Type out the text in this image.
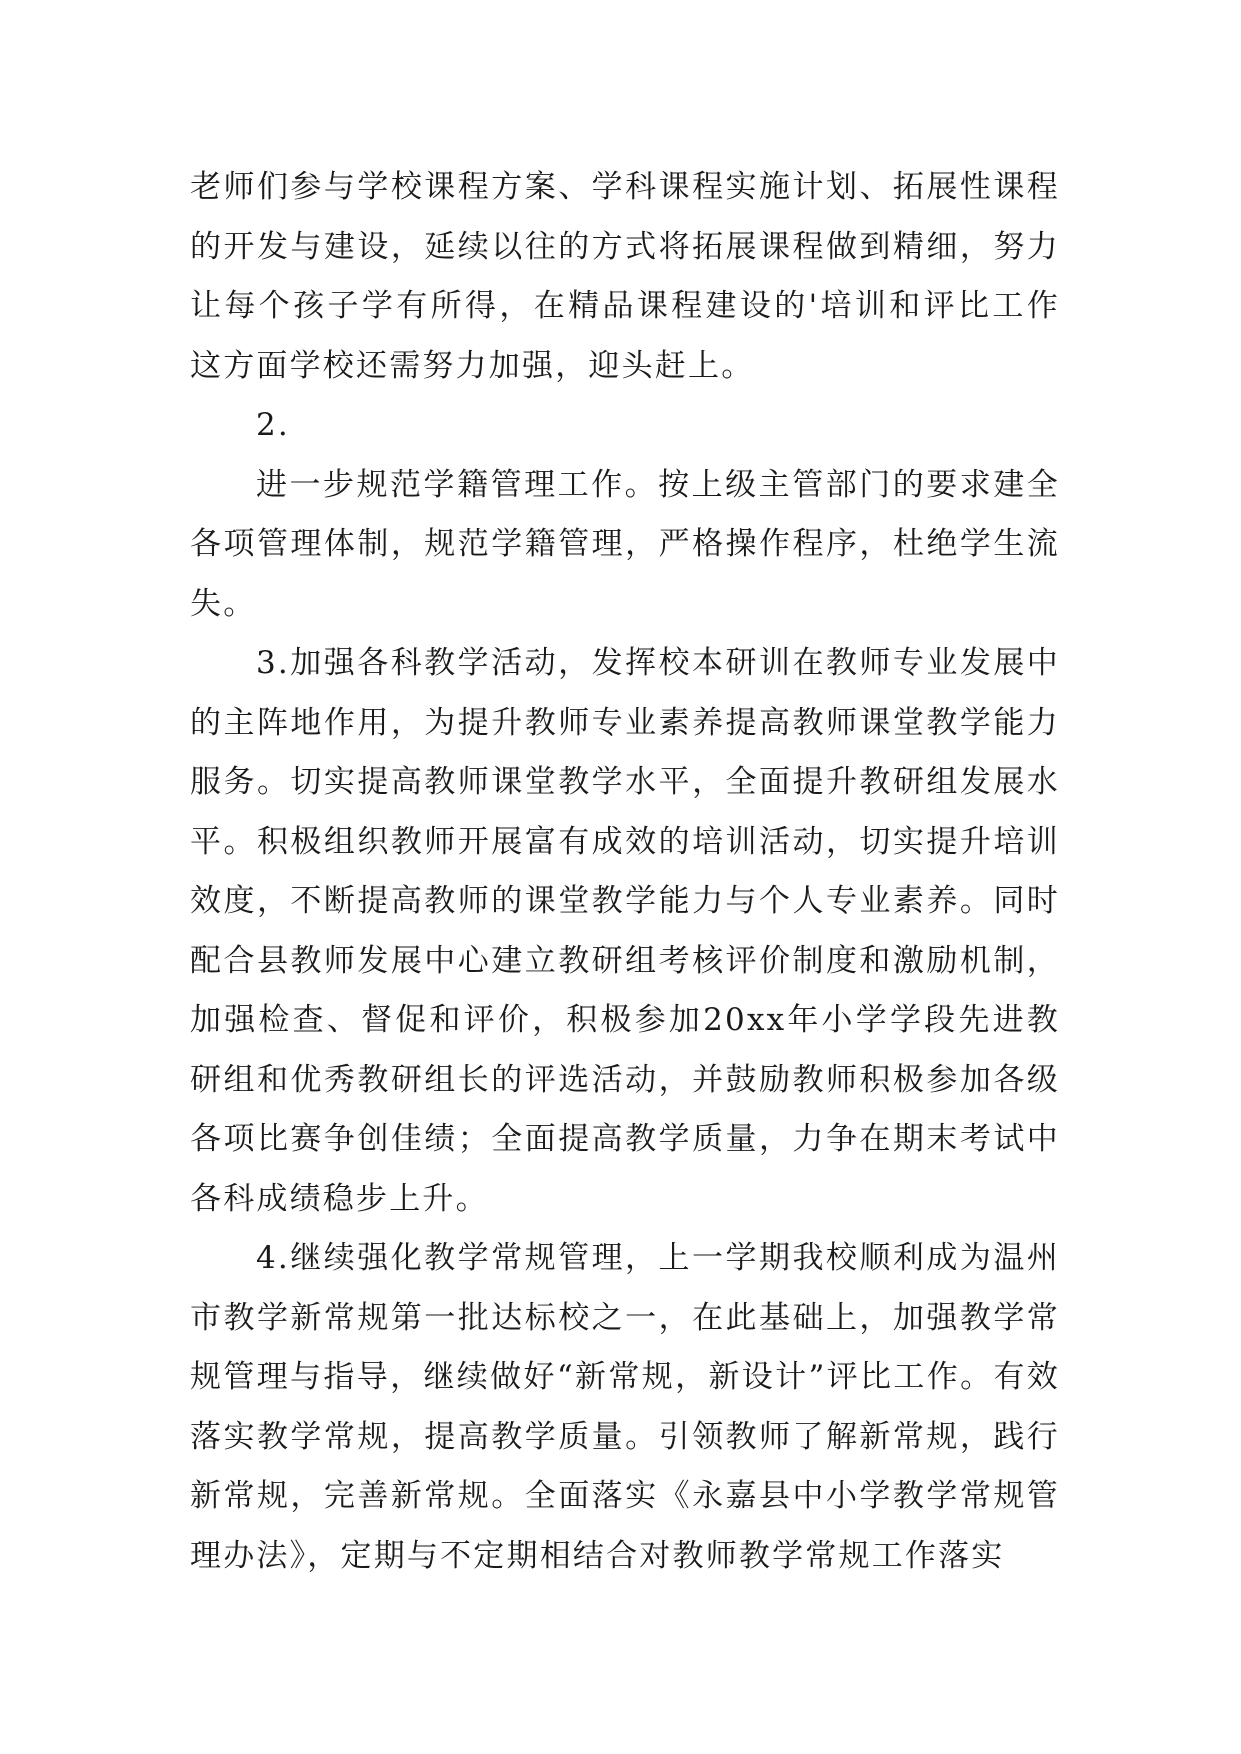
老师们参与学校课程方案、学科课程实施计划、拓展性课程的开发与建设，延续以往的方式将拓展课程做到精细，努力让每个孩子学有所得，在精品课程建设的'培训和评比工作这方面学校还需努力加强，迎头赶上。

2.

进一步规范学籍管理工作。按上级主管部门的要求建全各项管理体制，规范学籍管理，严格操作程序，杜绝学生流失。

3.加强各科教学活动，发挥校本研训在教师专业发展中的主阵地作用，为提升教师专业素养提高教师课堂教学能力服务。切实提高教师课堂教学水平，全面提升教研组发展水平。积极组织教师开展富有成效的培训活动，切实提升培训效度，不断提高教师的课堂教学能力与个人专业素养。同时配合县教师发展中心建立教研组考核评价制度和激励机制，加强检查、督促和评价，积极参加20xx年小学学段先进教研组和优秀教研组长的评选活动，并鼓励教师积极参加各级各项比赛争创佳绩；全面提高教学质量，力争在期末考试中各科成绩稳步上升。

4.继续强化教学常规管理，上一学期我校顺利成为温州市教学新常规第一批达标校之一，在此基础上，加强教学常规管理与指导，继续做好“新常规，新设计”评比工作。有效落实教学常规，提高教学质量。引领教师了解新常规，践行新常规，完善新常规。全面落实《永嘉县中小学教学常规管理办法》，定期与不定期相结合对教师教学常规工作落实
